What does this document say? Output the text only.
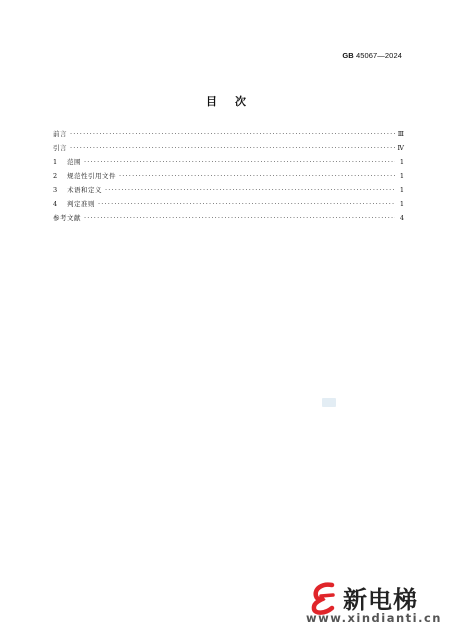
GB 45067—2024
目次
前言 ·····	Ⅲ
引言 ·····	Ⅳ
1	范围 ·····	1
2	规范性引用文件 ·····	1
3	术语和定义 ·····	1
4	判定准则 ·····	1
参考文献 ·····	4
新电梯
www.xindianti.cn
